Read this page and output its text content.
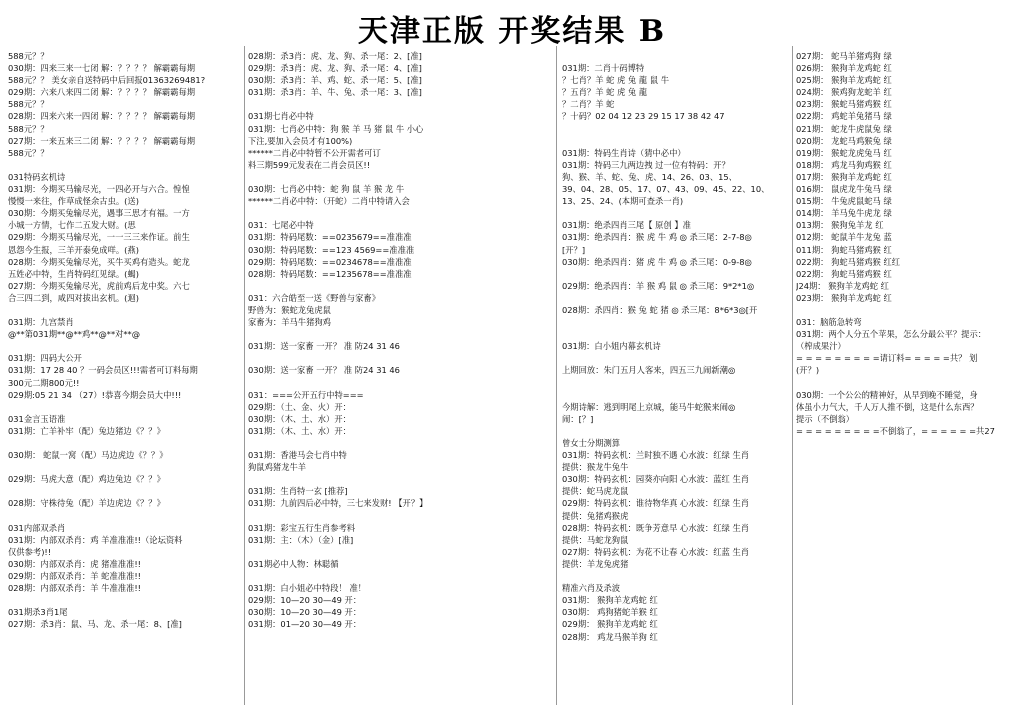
天津正版 开奖结果 B
588元？？
030期：四来三来一七闭 解：？？？？ 解霸霸每期
588元？？ 美女亲自送特码中后回报01363269481?
029期：六来八来四二闭 解：？？？？ 解霸霸每期
588元？？
028期：四来六来一四闭 解：？？？？ 解霸霸每期
588元？？
027期：一来五来三二闭 解：？？？？ 解霸霸每期
588元？？
031特码玄机诗
031期：今期买马输尽光，一四必开与六合。惶惶
慢慢一来往，作草成怪余古虫。(送)
030期：今期买兔输尽光，遇事三思才有福。一方
小城一方情，七作二五发大财。(思
029期：今期买马输尽光，一一三三来作证。前生
恩怨今生报，三羊开泰免成咩。(燕)
028期：今期买兔输尽光，买牛买鸡有造头。蛇龙
五姓必中特，生肖特码红见绿。(蝎)
027期：今期买兔输尽光，虎前鸡后龙中奖。六七
合三四二到，咸四对拔出玄机。(迴)
031期：九宫禁肖
@**第031期**@**鸡**@**对**@
031期：四码大公开
031期：17 28 40 ？一码会员区!!!需者可订料每期
300元二期800元!!
029期:05 21 34 （27）!恭喜今期会员大中!!!
031金言玉语准
031期：亡羊补牢（配）兔边猪边《？？》
030期： 蛇鼠一窝（配）马边虎边《？？》
029期：马虎大意（配）鸡边兔边《？？》
028期：守株待兔（配）羊边虎边《？？》
031内部双杀肖
031期：内部双杀肖：鸡 羊准准准!!（论坛资料
仅供参考)!!
030期：内部双杀肖：虎 猪准准准!!
029期：内部双杀肖：羊 蛇准准准!!
028期：内部双杀肖：羊 牛准准准!!
031期杀3肖1尾
027期：杀3肖：鼠、马、龙、杀一尾：8、[准]
028期：杀3肖：虎、龙、狗、杀一尾：2、[准]
029期：杀3肖：虎、龙、狗、杀一尾：4、[准]
030期：杀3肖：羊、鸡、蛇、杀一尾：5、[准]
031期：杀3肖：羊、牛、兔、杀一尾：3、[准]
031期七肖必中特
031期：七肖必中特：狗 猴 羊 马 猪 鼠 牛 小心
下注,要加入会员才有100%)
******二肖必中特暂不公开需者可订
料三期599元发表在二肖会员区!!
030期：七肖必中特：蛇 狗 鼠 羊 猴 龙 牛
******二肖必中特：（开蛇）二肖中特请入会
031：七尾必中特
031期：特码尾数：==0235679==准准准
030期：特码尾数：==123 4569==准准准
029期：特码尾数：==0234678==准准准
028期：特码尾数：==1235678==准准准
031：六合皓至一送《野兽与家畜》
野兽为：猴蛇龙兔虎鼠
家畜为：羊马牛猪狗鸡
031期：送一家畜 一开？ 准 防24 31 46
030期：送一家畜 一开？ 准 防24 31 46
031：===公开五行中特===
029期：（土、金、火）开：
030期：（木、土、水）开：
031期：（木、土、水）开：
031期：香港马会七肖中特
狗鼠鸡猪龙牛羊
031期：生肖特一玄 [推荐]
031期：九前四后必中特，三七来发财! 【开？】
031期：彩宝五行生肖参考料
031期：主：（木）（金）[准]
031期必中人物：林聪循
031期：白小姐必中特段！ 准！
029期：10—20 30—49 开：
030期：10—20 30—49 开：
031期：01—20 30—49 开：
031期：二肖十码博特
？七肖？羊 蛇 虎 兔 龍 鼠 牛
？五肖？羊 蛇 虎 兔 龍
？二肖？羊 蛇
？十码？02 04 12 23 29 15 17 38 42 47
031期：特码生肖诗（猜中必中）
031期：特码三九两边拽 过一位有特码：开？
狗、猴、羊、蛇、兔、虎、14、26、03、15、
39、04、28、05、17、07、43、09、45、22、10、
13、25、24、(本期可查杀一肖)
031期：绝杀四肖三尾【 原创 】准
031期：绝杀四肖：猴 虎 牛 鸡 ◎ 杀三尾：2-7-8◎
[开？]
030期：绝杀四肖：猪 虎 牛 鸡 ◎ 杀三尾：0-9-8◎
029期：绝杀四肖：羊 猴 鸡 鼠 ◎ 杀三尾：9*2*1◎
028期：杀四肖：猴 兔 蛇 猪 ◎ 杀三尾：8*6*3◎[开
031期：白小姐内幕玄机诗
上期回放：朱门五月人客来，四五三九闹新潮◎
今期诗解：逃到明尾上京城，能马牛蛇猴来闹◎
闹：[？]
曾女士分期测算
031期：特码玄机：兰时独不遇 心水波：红绿 生肖
提供：猴龙牛兔牛
030期：特码玄机：园葵亦向阳 心水波：蓝红 生肖
提供：蛇马虎龙鼠
029期：特码玄机：谁待物华真 心水波：红绿 生肖
提供：兔猪鸡猴虎
028期：特码玄机：既争芳意早 心水波：红绿 生肖
提供：马蛇龙狗鼠
027期：特码玄机：为花不让春 心水波：红蓝 生肖
提供：羊龙兔虎猪
精准六肖及杀波
031期： 猴狗羊龙鸡蛇 红
030期： 鸡狗猪蛇羊猴 红
029期： 猴狗羊龙鸡蛇 红
028期： 鸡龙马猴羊狗 红
027期： 蛇马羊猪鸡狗 绿
026期： 猴狗羊龙鸡蛇 红
025期： 猴狗羊龙鸡蛇 红
024期： 猴鸡狗龙蛇羊 红
023期： 猴蛇马猪鸡猴 红
022期： 鸡蛇羊兔猪马 绿
021期： 蛇龙牛虎鼠兔 绿
020期： 龙蛇马鸡猴兔 绿
019期： 猴蛇龙虎兔马 红
018期： 鸡龙马狗鸡猴 红
017期： 猴狗羊龙鸡蛇 红
016期： 鼠虎龙牛兔马 绿
015期： 牛兔虎鼠蛇马 绿
014期： 羊马兔牛虎龙 绿
013期： 猴狗兔羊龙 红
012期： 蛇鼠羊牛龙兔 蓝
011期： 狗蛇马猪鸡猴 红
022期： 狗蛇马猪鸡猴 红红
022期： 狗蛇马猪鸡猴 红
J24期： 猴狗羊龙鸡蛇 红
023期： 猴狗羊龙鸡蛇 红
031：脑筋急转弯
031期：两个人分五个苹果，怎么分最公平？提示：
（榨成果汁）
= = = = = = = = =请订料= = = = =共？ 划
(开？)
030期：一个公公的精神好，从早到晚不睡觉，身
体虽小力气大，千人万人推不倒，这是什么东西？
提示（不倒翁）
= = = = = = = = =不倒翁了，= = = = = =共27
